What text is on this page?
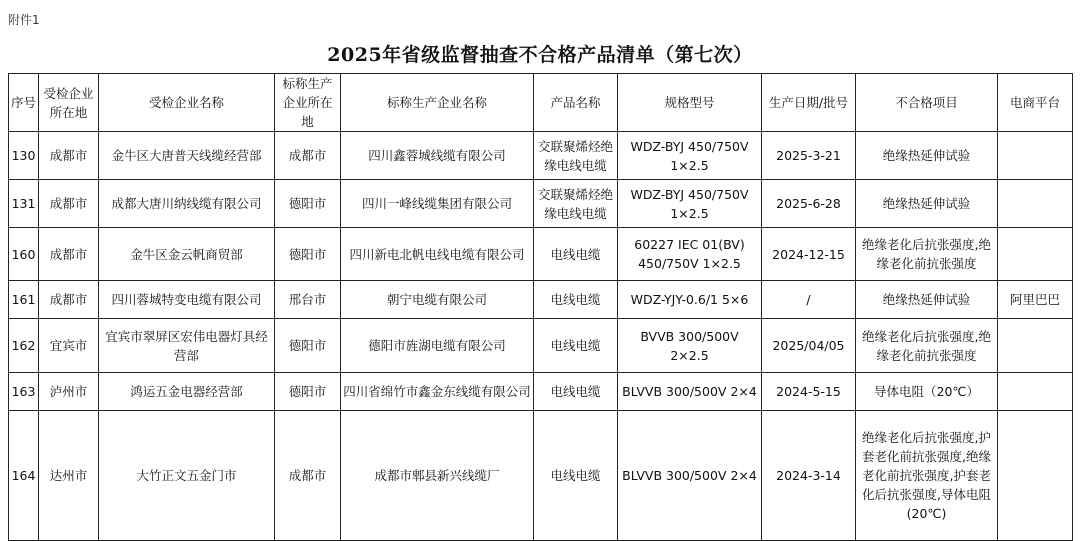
附件1
2025年省级监督抽查不合格产品清单（第七次）
序号	受检企业所在地	受检企业名称	标称生产企业所在地	标称生产企业名称	产品名称	规格型号	生产日期/批号	不合格项目	电商平台
130	成都市	金牛区大唐普天线缆经营部	成都市	四川鑫蓉城线缆有限公司	交联聚烯烃绝缘电线电缆	WDZ-BYJ 450/750V 1×2.5	2025-3-21	绝缘热延伸试验	
131	成都市	成都大唐川纳线缆有限公司	德阳市	四川一峰线缆集团有限公司	交联聚烯烃绝缘电线电缆	WDZ-BYJ 450/750V 1×2.5	2025-6-28	绝缘热延伸试验	
160	成都市	金牛区金云帆商贸部	德阳市	四川新电北帆电线电缆有限公司	电线电缆	60227 IEC 01(BV) 450/750V 1×2.5	2024-12-15	绝缘老化后抗张强度,绝缘老化前抗张强度	
161	成都市	四川蓉城特变电缆有限公司	邢台市	朝宁电缆有限公司	电线电缆	WDZ-YJY-0.6/1 5×6	/	绝缘热延伸试验	阿里巴巴
162	宜宾市	宜宾市翠屏区宏伟电器灯具经营部	德阳市	德阳市旌湖电缆有限公司	电线电缆	BVVB 300/500V 2×2.5	2025/04/05	绝缘老化后抗张强度,绝缘老化前抗张强度	
163	泸州市	鸿运五金电器经营部	德阳市	四川省绵竹市鑫金东线缆有限公司	电线电缆	BLVVB 300/500V 2×4	2024-5-15	导体电阻（20℃）	
164	达州市	大竹正文五金门市	成都市	成都市郫县新兴线缆厂	电线电缆	BLVVB 300/500V 2×4	2024-3-14	绝缘老化后抗张强度,护套老化前抗张强度,绝缘老化前抗张强度,护套老化后抗张强度,导体电阻(20℃)	
